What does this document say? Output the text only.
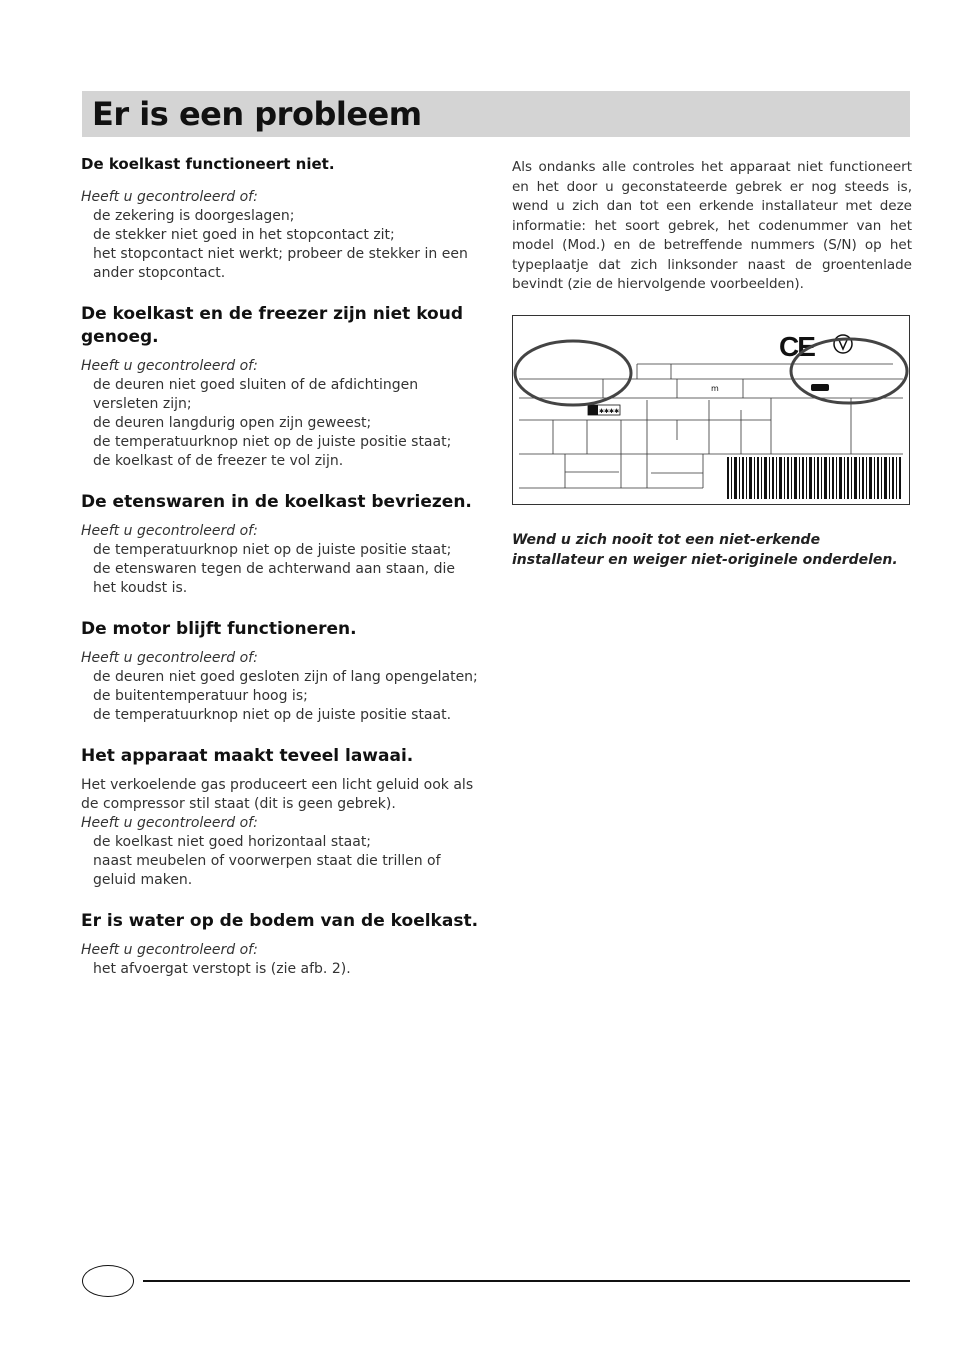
Er is een probleem
De koelkast functioneert niet.
Heeft u gecontroleerd of:
de zekering is doorgeslagen;
de stekker niet goed in het stopcontact zit;
het stopcontact niet werkt; probeer de stekker in een ander stopcontact.
De koelkast en de freezer zijn niet koud genoeg.
Heeft u gecontroleerd of:
de deuren niet goed sluiten of de afdichtingen versleten zijn;
de deuren langdurig open zijn geweest;
de temperatuurknop niet op de juiste positie staat;
de koelkast of de freezer te vol zijn.
De etenswaren in de koelkast bevriezen.
Heeft u gecontroleerd of:
de temperatuurknop niet op de juiste positie staat;
de etenswaren tegen de achterwand aan staan, die het koudst is.
De motor blijft functioneren.
Heeft u gecontroleerd of:
de deuren niet goed gesloten zijn of lang opengelaten;
de buitentemperatuur hoog is;
de temperatuurknop niet op de juiste positie staat.
Het apparaat maakt teveel lawaai.
Het verkoelende gas produceert een licht geluid ook als de compressor stil staat (dit is geen gebrek).
Heeft u gecontroleerd of:
de koelkast niet goed horizontaal staat;
naast meubelen of voorwerpen staat die trillen of geluid maken.
Er is water op de bodem van de koelkast.
Heeft u gecontroleerd of:
het afvoergat verstopt is (zie afb. 2).

Als ondanks alle controles het apparaat niet functioneert en het door u geconstateerde gebrek er nog steeds is, wend u zich dan tot een erkende installateur met deze informatie: het soort gebrek, het codenummer van het model (Mod.) en de betreffende nummers (S/N) op het typeplaatje dat zich linksonder naast de groentenlade bevindt (zie de hiervolgende voorbeelden).

CE
m
✱✱✱✱
Wend u zich nooit tot een niet-erkende installateur en weiger niet-originele onderdelen.
